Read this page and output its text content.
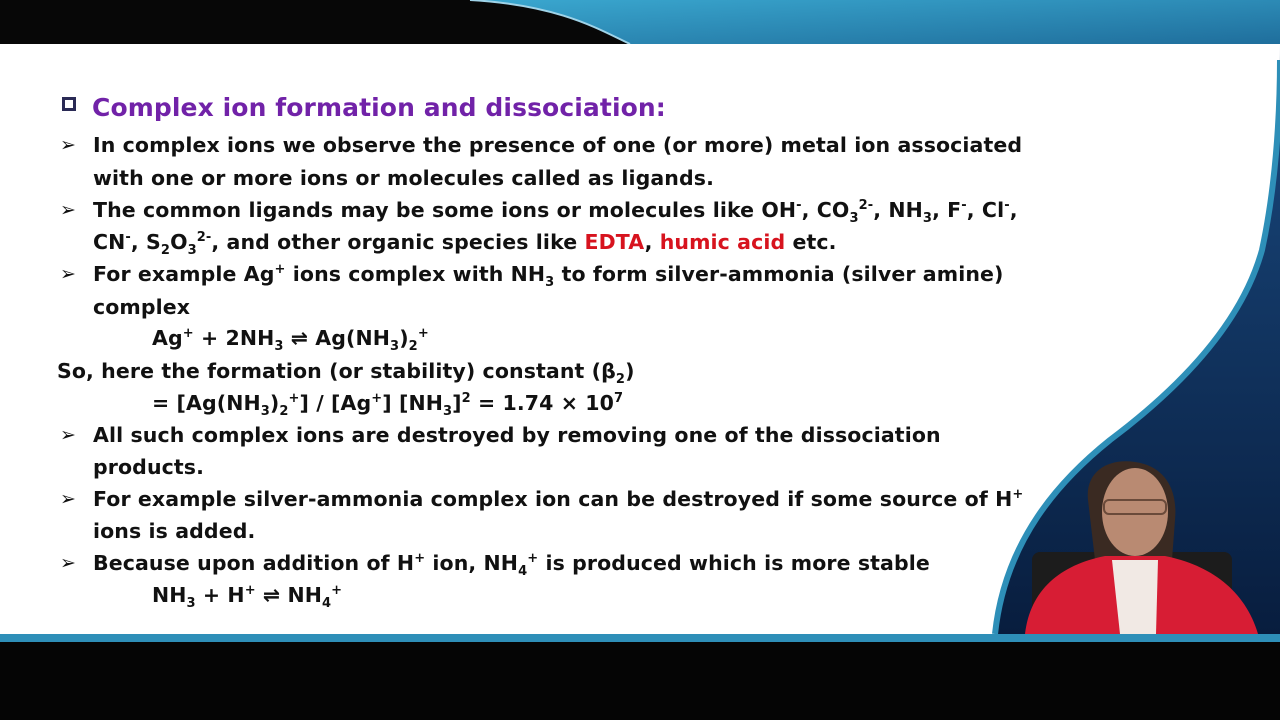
Complex ion formation and dissociation:
➢ In complex ions we observe the presence of one (or more) metal ion associated
with one or more ions or molecules called as ligands.
➢ The common ligands may be some ions or molecules like OH-, $CO_3^{2-}$, $NH_3$, F-, Cl-,
CN-, $S_2O_3^{2-}$, and other organic species like EDTA, humic acid etc.
➢ For example Ag+ ions complex with $NH_3$ to form silver-ammonia (silver amine)
complex
$Ag^+ + 2NH_3$ ⇌ $Ag(NH_3)_2^+$
So, here the formation (or stability) constant $(\beta_2)$
= $[Ag(NH_3)_2^+] / [Ag^+] [NH_3]^2 = 1.74 \times 10^7$
➢ All such complex ions are destroyed by removing one of the dissociation
products.
➢ For example silver-ammonia complex ion can be destroyed if some source of H+
ions is added.
➢ Because upon addition of H+ ion, $NH_4^+$ is produced which is more stable
$NH_3 + H^+$ ⇌ $NH_4^+$
